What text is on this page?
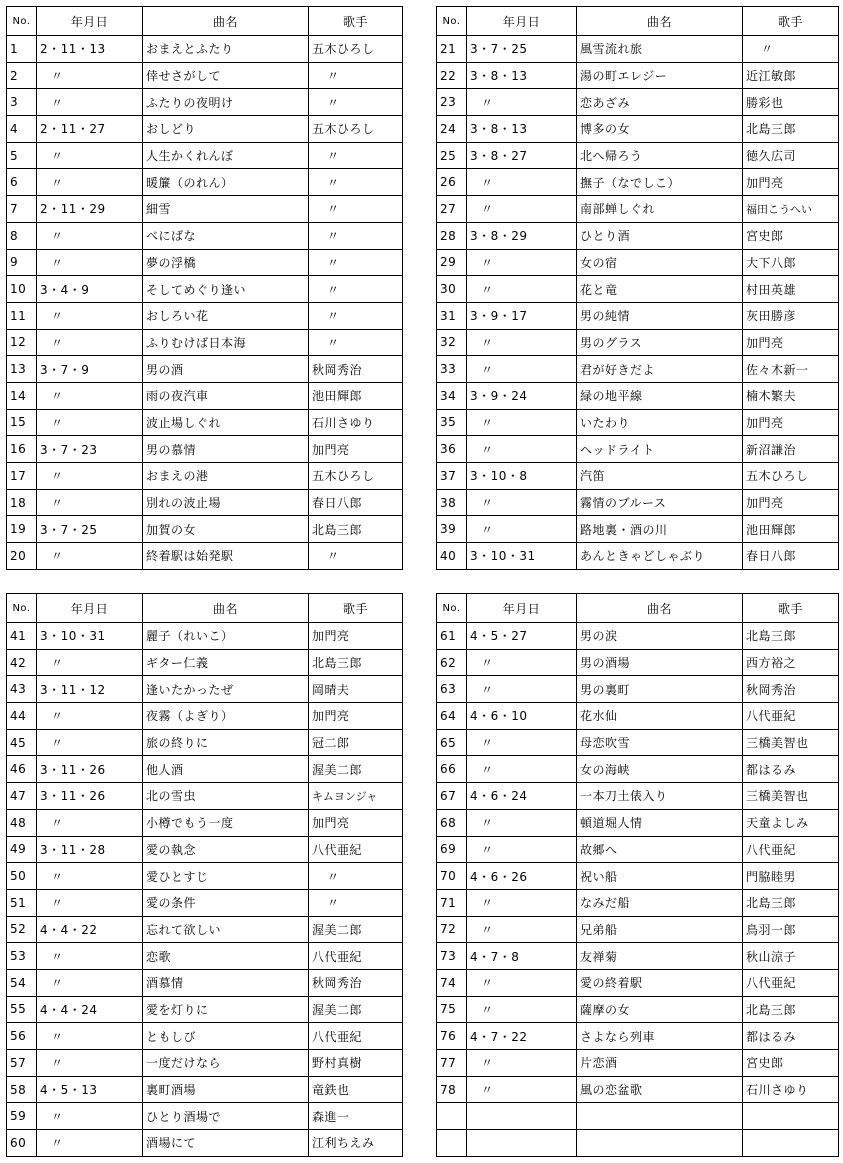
No.	年月日	曲名	歌手
1	2・11・13	おまえとふたり	五木ひろし
2	〃	倖せさがして	〃
3	〃	ふたりの夜明け	〃
4	2・11・27	おしどり	五木ひろし
5	〃	人生かくれんぼ	〃
6	〃	暖簾（のれん）	〃
7	2・11・29	細雪	〃
8	〃	べにばな	〃
9	〃	夢の浮橋	〃
10	3・4・9	そしてめぐり逢い	〃
11	〃	おしろい花	〃
12	〃	ふりむけば日本海	〃
13	3・7・9	男の酒	秋岡秀治
14	〃	雨の夜汽車	池田輝郎
15	〃	波止場しぐれ	石川さゆり
16	3・7・23	男の慕情	加門亮
17	〃	おまえの港	五木ひろし
18	〃	別れの波止場	春日八郎
19	3・7・25	加賀の女	北島三郎
20	〃	終着駅は始発駅	〃
No.	年月日	曲名	歌手
21	3・7・25	風雪流れ旅	〃
22	3・8・13	湯の町エレジー	近江敏郎
23	〃	恋あざみ	勝彩也
24	3・8・13	博多の女	北島三郎
25	3・8・27	北へ帰ろう	徳久広司
26	〃	撫子（なでしこ）	加門亮
27	〃	南部蝉しぐれ	福田こうへい
28	3・8・29	ひとり酒	宮史郎
29	〃	女の宿	大下八郎
30	〃	花と竜	村田英雄
31	3・9・17	男の純情	灰田勝彦
32	〃	男のグラス	加門亮
33	〃	君が好きだよ	佐々木新一
34	3・9・24	緑の地平線	楠木繁夫
35	〃	いたわり	加門亮
36	〃	ヘッドライト	新沼謙治
37	3・10・8	汽笛	五木ひろし
38	〃	霧情のブルース	加門亮
39	〃	路地裏・酒の川	池田輝郎
40	3・10・31	あんときゃどしゃぶり	春日八郎
No.	年月日	曲名	歌手
41	3・10・31	麗子（れいこ）	加門亮
42	〃	ギター仁義	北島三郎
43	3・11・12	逢いたかったぜ	岡晴夫
44	〃	夜霧（よぎり）	加門亮
45	〃	旅の終りに	冠二郎
46	3・11・26	他人酒	渥美二郎
47	3・11・26	北の雪虫	キムヨンジャ
48	〃	小樽でもう一度	加門亮
49	3・11・28	愛の執念	八代亜紀
50	〃	愛ひとすじ	〃
51	〃	愛の条件	〃
52	4・4・22	忘れて欲しい	渥美二郎
53	〃	恋歌	八代亜紀
54	〃	酒慕情	秋岡秀治
55	4・4・24	愛を灯りに	渥美二郎
56	〃	ともしび	八代亜紀
57	〃	一度だけなら	野村真樹
58	4・5・13	裏町酒場	竜鉄也
59	〃	ひとり酒場で	森進一
60	〃	酒場にて	江利ちえみ
No.	年月日	曲名	歌手
61	4・5・27	男の涙	北島三郎
62	〃	男の酒場	西方裕之
63	〃	男の裏町	秋岡秀治
64	4・6・10	花水仙	八代亜紀
65	〃	母恋吹雪	三橋美智也
66	〃	女の海峡	都はるみ
67	4・6・24	一本刀土俵入り	三橋美智也
68	〃	頓道堀人情	天童よしみ
69	〃	故郷へ	八代亜紀
70	4・6・26	祝い船	門脇睦男
71	〃	なみだ船	北島三郎
72	〃	兄弟船	鳥羽一郎
73	4・7・8	友禅菊	秋山涼子
74	〃	愛の終着駅	八代亜紀
75	〃	薩摩の女	北島三郎
76	4・7・22	さよなら列車	都はるみ
77	〃	片恋酒	宮史郎
78	〃	風の恋盆歌	石川さゆり
